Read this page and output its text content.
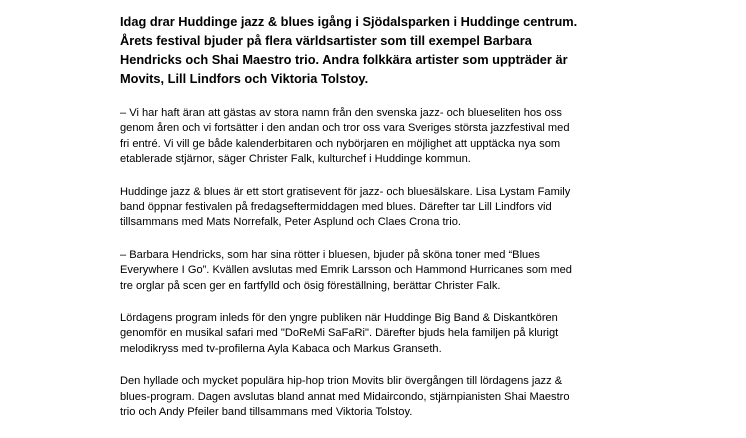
Idag drar Huddinge jazz & blues igång i Sjödalsparken i Huddinge centrum.
Årets festival bjuder på flera världsartister som till exempel Barbara
Hendricks och Shai Maestro trio. Andra folkkära artister som uppträder är
Movits, Lill Lindfors och Viktoria Tolstoy.

– Vi har haft äran att gästas av stora namn från den svenska jazz- och blueseliten hos oss
genom åren och vi fortsätter i den andan och tror oss vara Sveriges största jazzfestival med
fri entré. Vi vill ge både kalenderbitaren och nybörjaren en möjlighet att upptäcka nya som
etablerade stjärnor, säger Christer Falk, kulturchef i Huddinge kommun.

Huddinge jazz & blues är ett stort gratisevent för jazz- och bluesälskare. Lisa Lystam Family
band öppnar festivalen på fredagseftermiddagen med blues. Därefter tar Lill Lindfors vid
tillsammans med Mats Norrefalk, Peter Asplund och Claes Crona trio.

– Barbara Hendricks, som har sina rötter i bluesen, bjuder på sköna toner med “Blues
Everywhere I Go”. Kvällen avslutas med Emrik Larsson och Hammond Hurricanes som med
tre orglar på scen ger en fartfylld och ösig föreställning, berättar Christer Falk.

Lördagens program inleds för den yngre publiken när Huddinge Big Band & Diskantkören
genomför en musikal safari med "DoReMi SaFaRi". Därefter bjuds hela familjen på klurigt
melodikryss med tv-profilerna Ayla Kabaca och Markus Granseth.

Den hyllade och mycket populära hip-hop trion Movits blir övergången till lördagens jazz &
blues-program. Dagen avslutas bland annat med Midaircondo, stjärnpianisten Shai Maestro
trio och Andy Pfeiler band tillsammans med Viktoria Tolstoy.
